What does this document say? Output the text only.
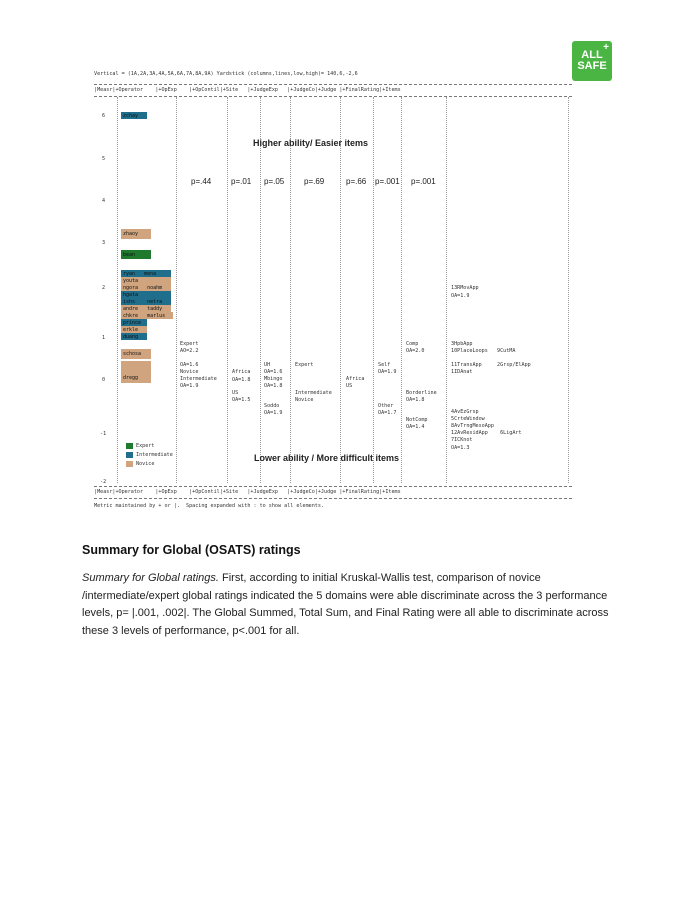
+
ALL
SAFE
Vertical = (1A,2A,3A,4A,5A,6A,7A,8A,9A) Yardstick (columns,lines,low,high)= 140,6,-2,6
|Measr|+Operator    |+OpExp    |+OpContil|+Site   |+JudgeExp   |+JudgeCo|+Judge |+FinalRating|+Items
6
5
4
3
2
1
0
-1
-2
zchay
zhaoy
bean
ryan   mena
youta
ngora   noahm
hgata
ishs    netra
andre   taddy
chkre   marlus
prince
erkle
duang
schosa
dregg
Higher ability/ Easier items
Lower ability / More difficult items
p=.44 p=.01 p=.05 p=.69	p=.66 p=.001 p=.001
Expert
AO=2.2
OA=1.6
Novice
Intermediate
OA=1.9
Africa
OA=1.8
US
OA=1.5
UH
OA=1.6
Mbingo
OA=1.8
Soddo
OA=1.9
Expert
Intermediate
Novice
Africa
US
Self
OA=1.9
Other
OA=1.7
Comp
OA=2.0
Borderline
OA=1.8
NotComp
OA=1.4
13RMovApp
OA=1.9
3HpbApp
10PlaceLoops   9CutMA
11TransApp     2Grsp/ElApp
1IDAnat
4AvEzGrsp
5CrteWindow
8AvTrngMesoApp
12AvResidApp    6LigArt
7ICKnot
OA=1.3
Expert
Intermediate
Novice
|Measr|+Operator    |+OpExp    |+OpContil|+Site   |+JudgeExp   |+JudgeCo|+Judge |+FinalRating|+Items
Metric maintained by + or |.  Spacing expanded with : to show all elements.
Summary for Global (OSATS) ratings
Summary for Global ratings. First, according to initial Kruskal-Wallis test, comparison of novice /intermediate/expert global ratings indicated the 5 domains were able discriminate across the 3 performance levels, p= |.001, .002|. The Global Summed, Total Sum, and Final Rating were all able to discriminate across these 3 levels of performance, p<.001 for all.
